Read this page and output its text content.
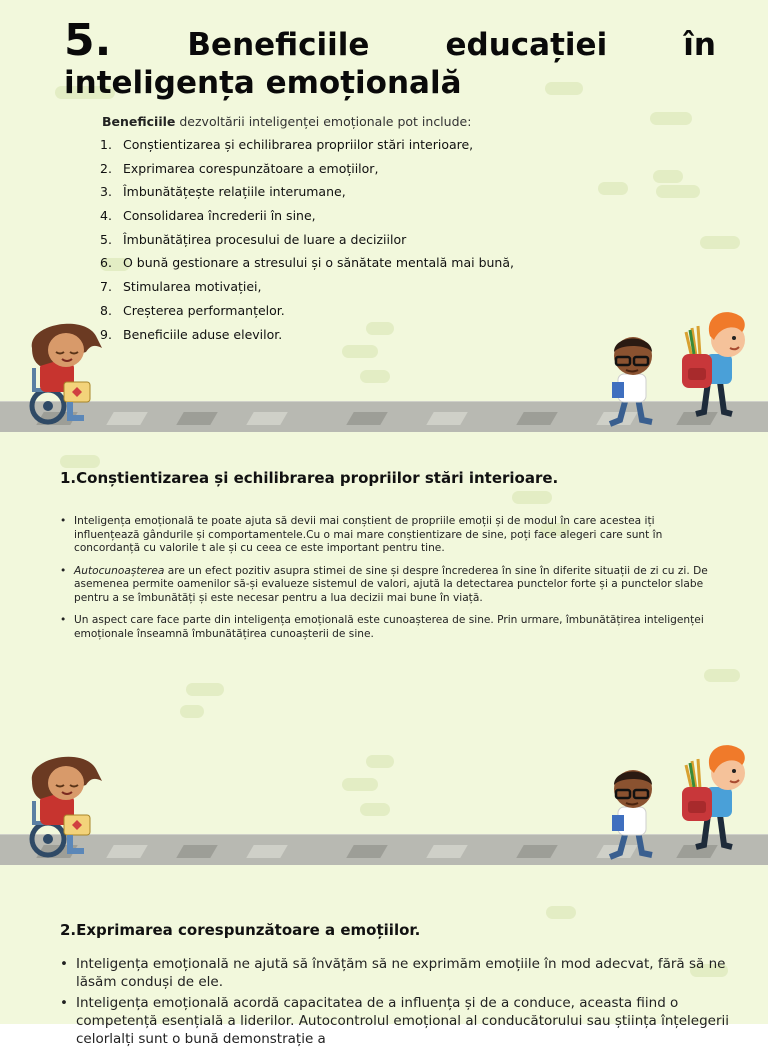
5. Beneficiile educației în
inteligența emoțională
Beneficiile dezvoltării inteligenței emoționale pot include:
1. Conștientizarea și echilibrarea propriilor stări interioare,
2. Exprimarea corespunzătoare a emoțiilor,
3. Îmbunătățește relațiile interumane,
4. Consolidarea încrederii în sine,
5. Îmbunătățirea procesului de luare a deciziilor
6. O bună gestionare a stresului și o sănătate mentală mai bună,
7. Stimularea motivației,
8. Creșterea performanțelor.
9. Beneficiile aduse elevilor.
1.Conștientizarea și echilibrarea propriilor stări interioare.
• Inteligența emoțională te poate ajuta să devii mai conștient de propriile emoții și de modul în care acestea iți influențează gândurile și comportamentele.Cu o mai mare conștientizare de sine, poți face alegeri care sunt în concordanță cu valorile t ale și cu ceea ce este important pentru tine.
• Autocunoașterea are un efect pozitiv asupra stimei de sine și despre încrederea în sine în diferite situații de zi cu zi. De asemenea permite oamenilor să-și evalueze sistemul de valori, ajută la detectarea punctelor forte și a punctelor slabe pentru a se îmbunătăți și este necesar pentru a lua decizii mai bune în viață.
• Un aspect care face parte din inteligența emoțională este cunoașterea de sine. Prin urmare, îmbunătățirea inteligenței emoționale înseamnă îmbunătățirea cunoașterii de sine.
2.Exprimarea corespunzătoare a emoțiilor.
• Inteligența emoțională ne ajută să învățăm să ne exprimăm emoțiile în mod adecvat, fără să ne lăsăm conduși de ele.
• Inteligența emoțională acordă capacitatea de a influența și de a conduce, aceasta fiind o competență esențială a liderilor. Autocontrolul emoțional al conducătorului sau știința înțelegerii celorlalți sunt o bună demonstrație a
